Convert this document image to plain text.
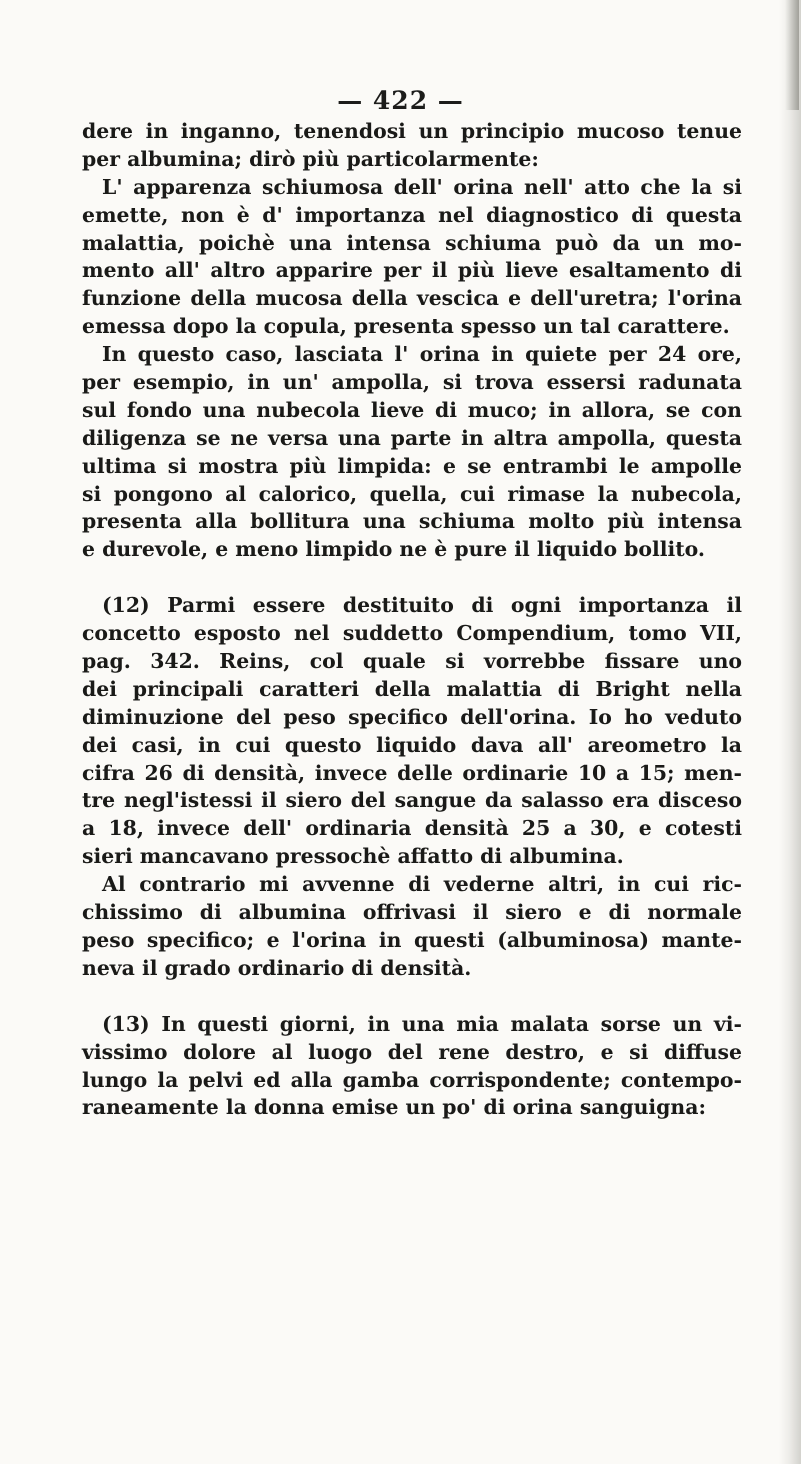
— 422 —
dere in inganno, tenendosi un principio mucoso tenue
per albumina; dirò più particolarmente:
L' apparenza schiumosa dell' orina nell' atto che la si
emette, non è d' importanza nel diagnostico di questa
malattia, poichè una intensa schiuma può da un mo-
mento all' altro apparire per il più lieve esaltamento di
funzione della mucosa della vescica e dell'uretra; l'orina
emessa dopo la copula, presenta spesso un tal carattere.
In questo caso, lasciata l' orina in quiete per 24 ore,
per esempio, in un' ampolla, si trova essersi radunata
sul fondo una nubecola lieve di muco; in allora, se con
diligenza se ne versa una parte in altra ampolla, questa
ultima si mostra più limpida: e se entrambi le ampolle
si pongono al calorico, quella, cui rimase la nubecola,
presenta alla bollitura una schiuma molto più intensa
e durevole, e meno limpido ne è pure il liquido bollito.
(12) Parmi essere destituito di ogni importanza il
concetto esposto nel suddetto Compendium, tomo VII,
pag. 342. Reins, col quale si vorrebbe fissare uno
dei principali caratteri della malattia di Bright nella
diminuzione del peso specifico dell'orina. Io ho veduto
dei casi, in cui questo liquido dava all' areometro la
cifra 26 di densità, invece delle ordinarie 10 a 15; men-
tre negl'istessi il siero del sangue da salasso era disceso
a 18, invece dell' ordinaria densità 25 a 30, e cotesti
sieri mancavano pressochè affatto di albumina.
Al contrario mi avvenne di vederne altri, in cui ric-
chissimo di albumina offrivasi il siero e di normale
peso specifico; e l'orina in questi (albuminosa) mante-
neva il grado ordinario di densità.
(13) In questi giorni, in una mia malata sorse un vi-
vissimo dolore al luogo del rene destro, e si diffuse
lungo la pelvi ed alla gamba corrispondente; contempo-
raneamente la donna emise un po' di orina sanguigna:
